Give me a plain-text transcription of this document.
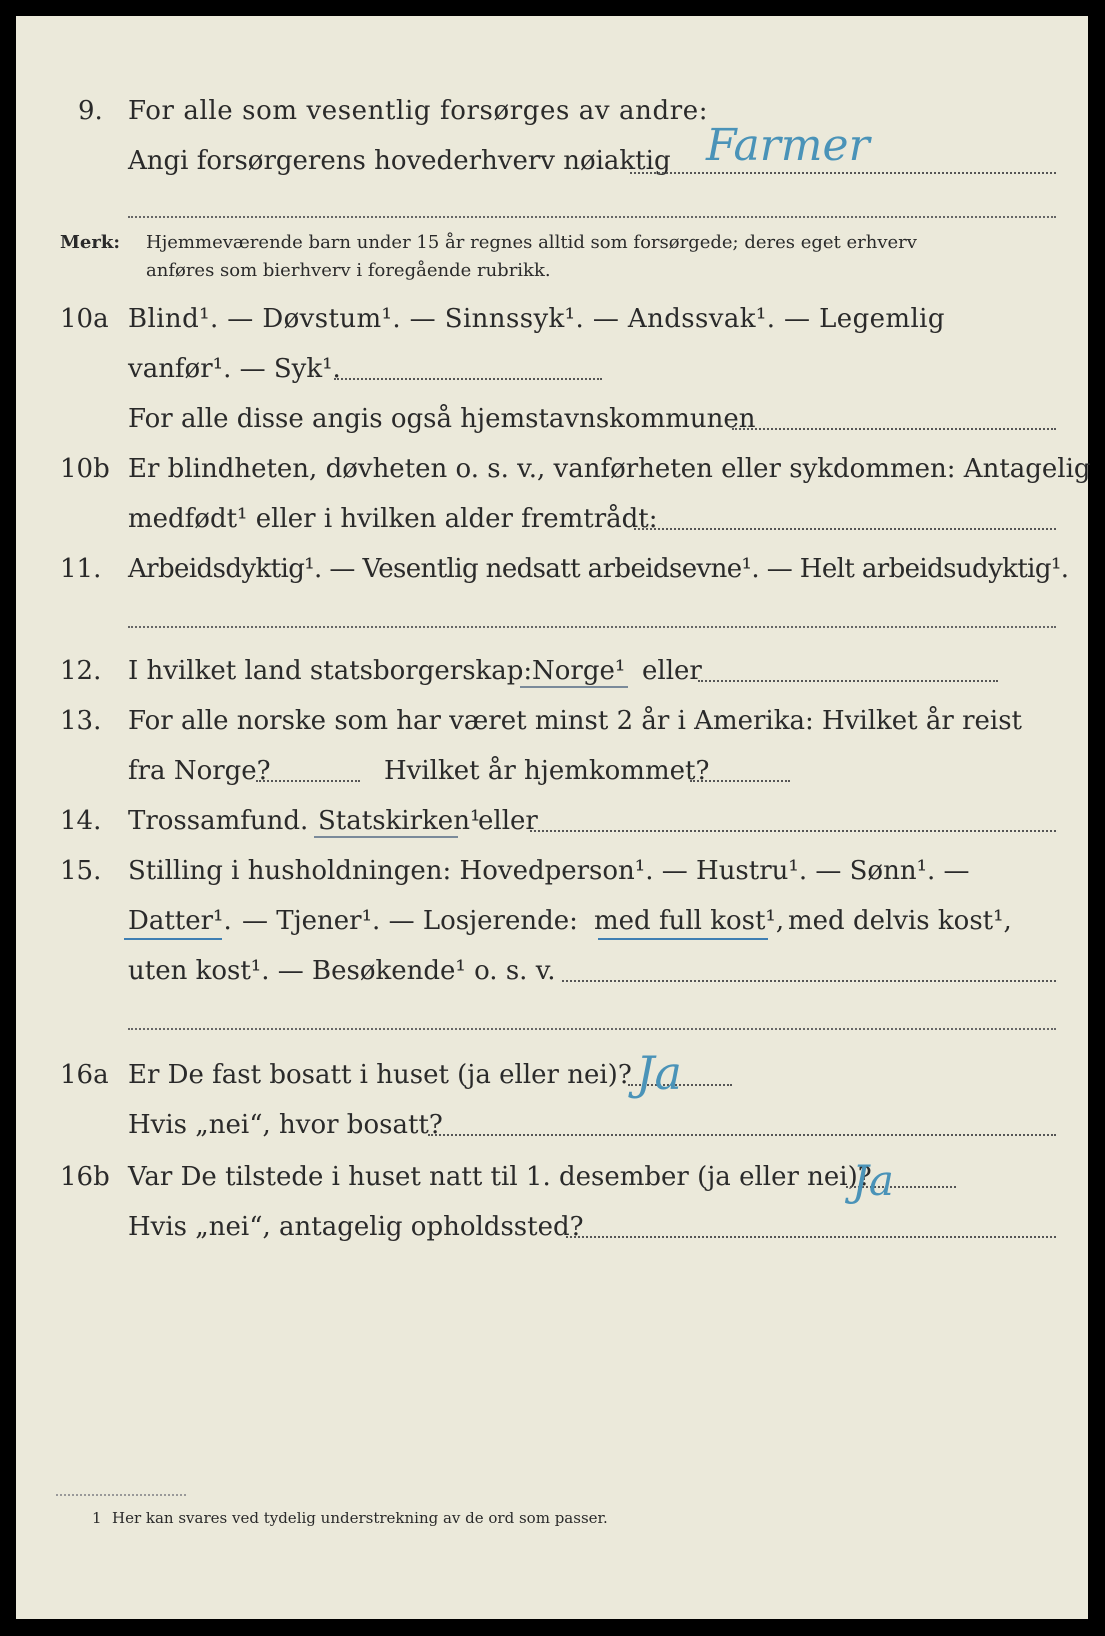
9. For alle som vesentlig forsørges av andre:
Angi forsørgerens hovederhverv nøiaktig Farmer
Merk: Hjemmeværende barn under 15 år regnes alltid som forsørgede; deres eget erhverv
anføres som bierhverv i foregående rubrikk.
10a Blind¹. — Døvstum¹. — Sinnssyk¹. — Andssvak¹. — Legemlig
vanfør¹. — Syk¹.
For alle disse angis også hjemstavnskommunen
10b Er blindheten, døvheten o. s. v., vanførheten eller sykdommen: Antagelig
medfødt¹ eller i hvilken alder fremtrådt:
11. Arbeidsdyktig¹. — Vesentlig nedsatt arbeidsevne¹. — Helt arbeidsudyktig¹.
12. I hvilket land statsborgerskap: Norge¹ eller
13. For alle norske som har været minst 2 år i Amerika: Hvilket år reist
fra Norge?	Hvilket år hjemkommet?
14. Trossamfund. Statskirken¹
eller
15. Stilling i husholdningen: Hovedperson¹. — Hustru¹. — Sønn¹. —
Datter¹. — Tjener¹. — Losjerende: med full kost¹, med delvis kost¹,
uten kost¹. — Besøkende¹ o. s. v.
16a Er De fast bosatt i huset (ja eller nei)? Ja
Hvis „nei“, hvor bosatt?
16b Var De tilstede i huset natt til 1. desember (ja eller nei)?
Ja
Hvis „nei“, antagelig opholdssted?
1 Her kan svares ved tydelig understrekning av de ord som passer.
